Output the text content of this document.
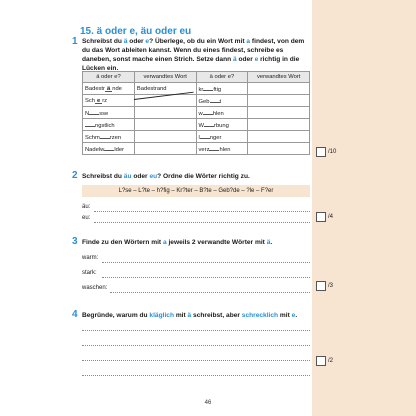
15. ä oder e, äu oder eu
1 Schreibst du ä oder e? Überlege, ob du ein Wort mit a findest, von dem du das Wort ableiten kannst. Wenn du eines findest, schreibe es daneben, sonst mache einen Strich. Setze dann ä oder e richtig in die Lücken ein.
ä oder e?	verwandtes Wort	ä oder e?	verwandtes Wort
Badestr ä nde	Badestrand	kr ftig	
Sch e rz		Geb t	
N sse		w hlen	
ngstlich		W rbung	
Schm rzen		l nger	
Nadelw lder		verz hlen		/10
2 Schreibst du äu oder eu? Ordne die Wörter richtig zu.
L?se – L?te – h?fig – Kr?ter – B?te – Geb?de – ?le – F?er
äu:
eu:	/4
3 Finde zu den Wörtern mit a jeweils 2 verwandte Wörter mit ä.
warm:
stark:
waschen:	/3
4 Begründe, warum du kläglich mit ä schreibst, aber schrecklich mit e.
/2
46
